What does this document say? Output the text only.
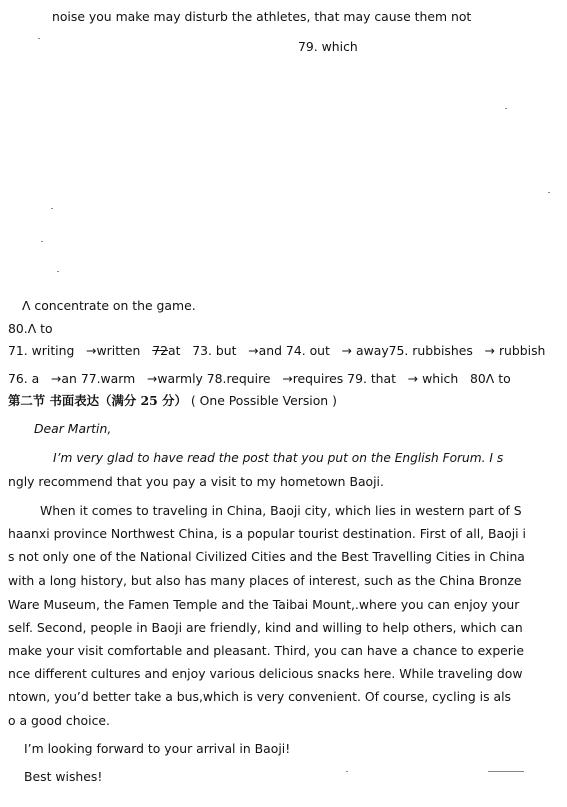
noise you make may disturb the athletes, that may cause them not
79. which
Λ concentrate on the game.
80.Λ to
71. writing   →written   72at   73. but   →and 74. out   → away75. rubbishes   → rubbish
76. a   →an 77.warm   →warmly 78.require   →requires 79. that   → which   80Λ to
第二节 书面表达（满分 25 分） ( One Possible Version )
Dear Martin,
I’m very glad to have read the post that you put on the English Forum. I s
ngly recommend that you pay a visit to my hometown Baoji.
When it comes to traveling in China, Baoji city, which lies in western part of S
haanxi province Northwest China, is a popular tourist destination. First of all, Baoji i
s not only one of the National Civilized Cities and the Best Travelling Cities in China
with a long history, but also has many places of interest, such as the China Bronze
Ware Museum, the Famen Temple and the Taibai Mount,.where you can enjoy your
self. Second, people in Baoji are friendly, kind and willing to help others, which can
make your visit comfortable and pleasant. Third, you can have a chance to experie
nce different cultures and enjoy various delicious snacks here. While traveling dow
ntown, you’d better take a bus,which is very convenient. Of course, cycling is als
o a good choice.
I’m looking forward to your arrival in Baoji!
Best wishes!
